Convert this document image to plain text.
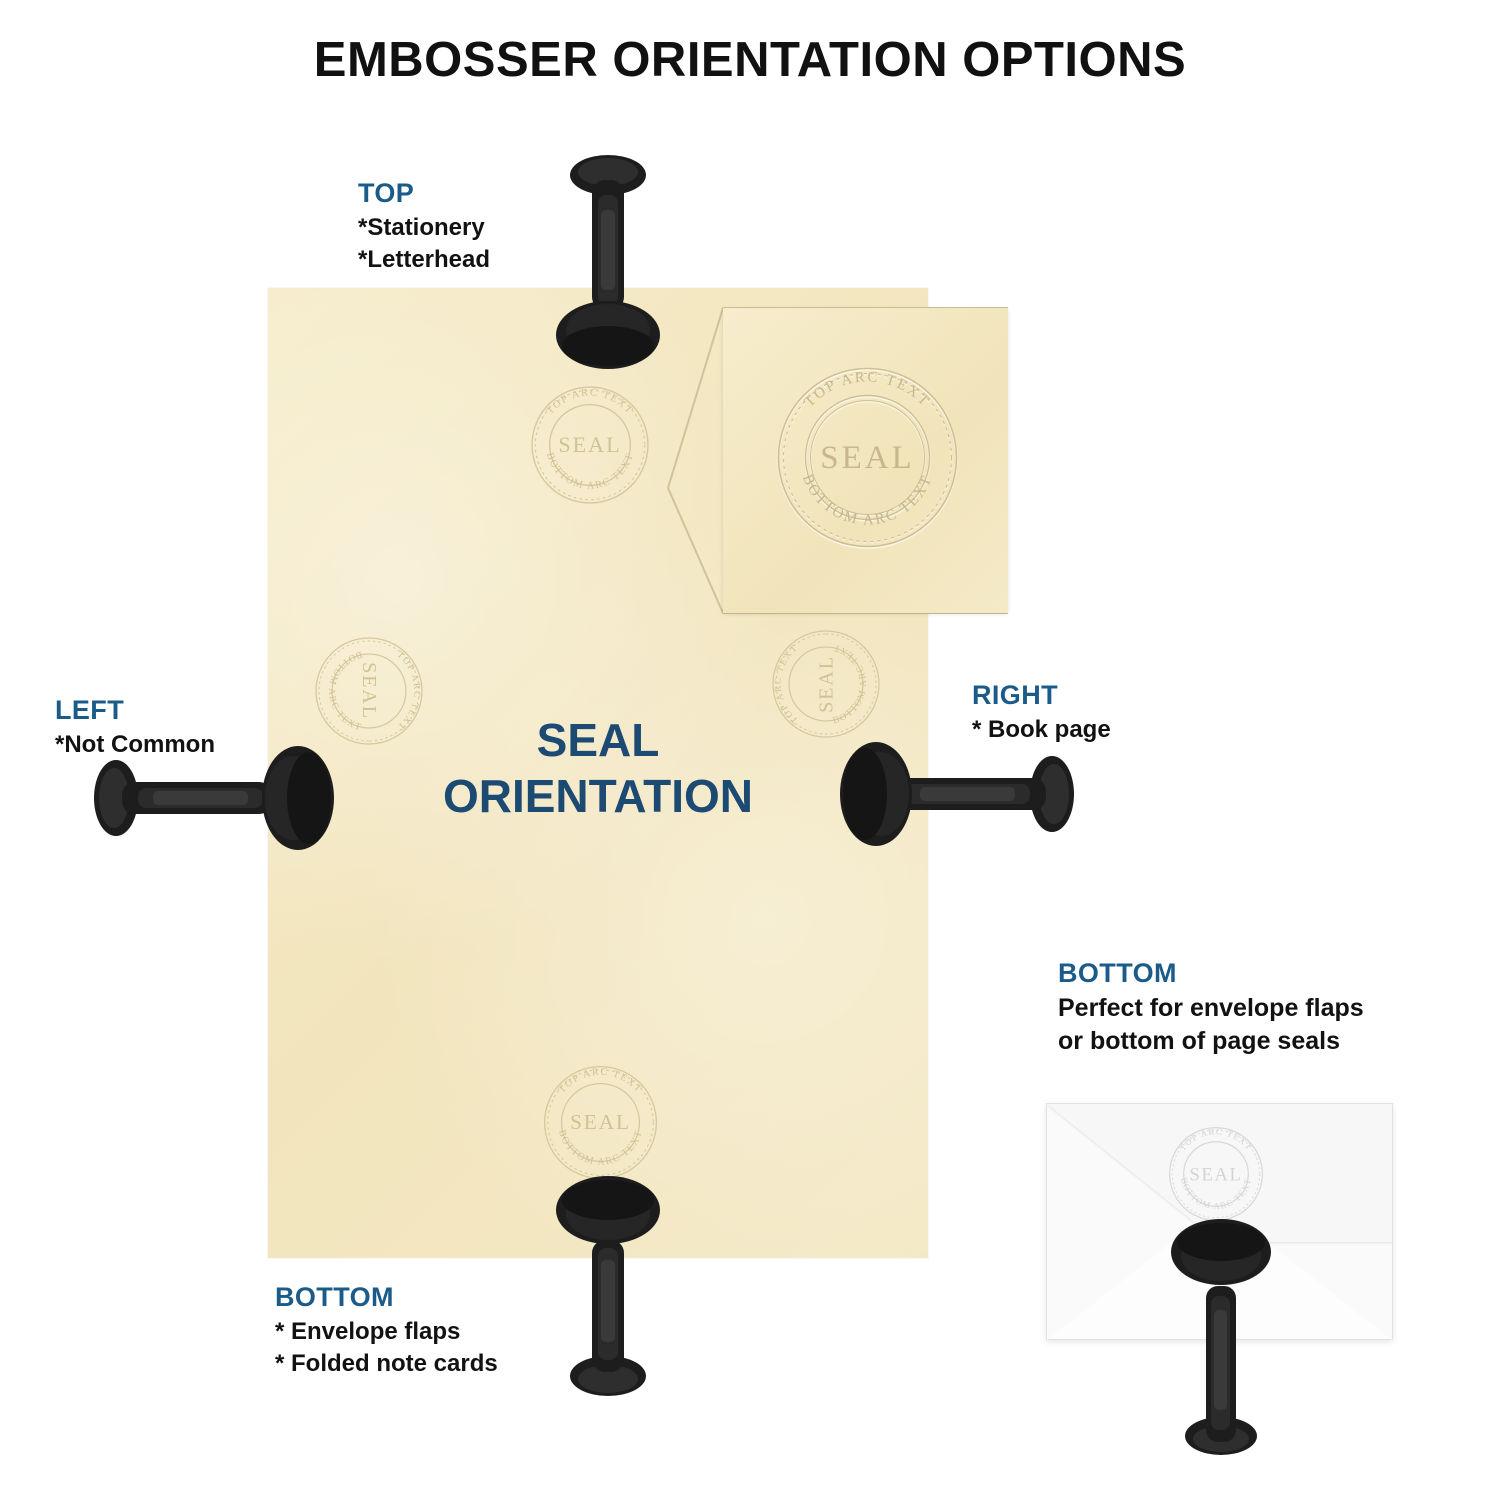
EMBOSSER ORIENTATION OPTIONS
TOP ARC TEXT
BOTTOM ARC TEXT
SEAL
TOP ARC TEXT
BOTTOM ARC TEXT
SEAL
TOP ARC TEXT
BOTTOM ARC TEXT
SEAL	TOP ARC TEXT
BOTTOM ARC TEXT
SEAL
TOP ARC TEXT
BOTTOM ARC TEXT
SEAL
SEAL
ORIENTATION
TOP ARC TEXT
BOTTOM ARC TEXT
SEAL
TOP
*Stationery
*Letterhead
LEFT
*Not Common
RIGHT
* Book page
BOTTOM
* Envelope flaps
* Folded note cards
BOTTOM
Perfect for envelope flaps
or bottom of page seals
